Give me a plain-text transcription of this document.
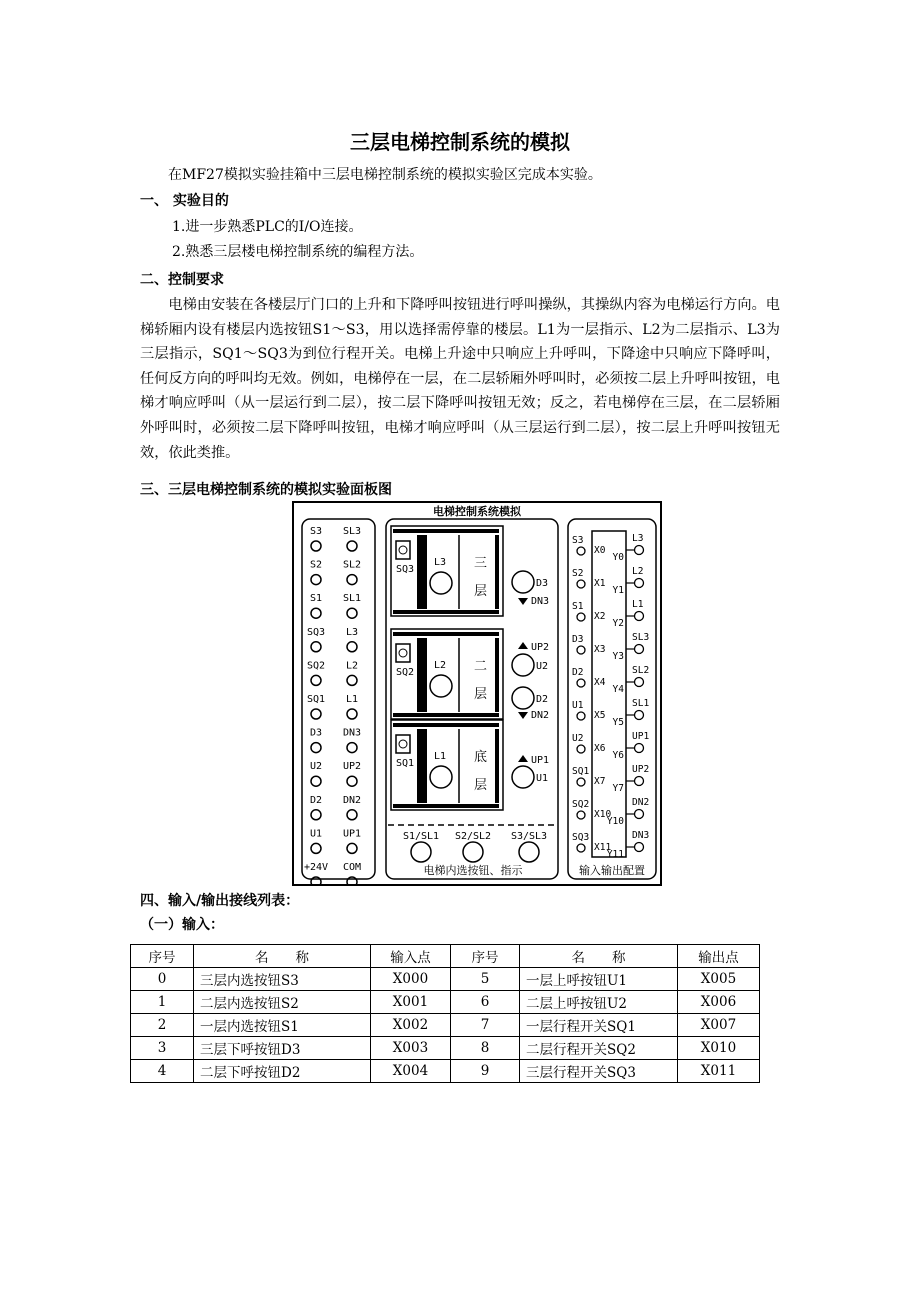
三层电梯控制系统的模拟
在MF27模拟实验挂箱中三层电梯控制系统的模拟实验区完成本实验。
一、 实验目的
1.进一步熟悉PLC的I/O连接。
2.熟悉三层楼电梯控制系统的编程方法。
二、控制要求
电梯由安装在各楼层厅门口的上升和下降呼叫按钮进行呼叫操纵，其操纵内容为电梯运行方向。电梯轿厢内设有楼层内选按钮S1～S3，用以选择需停靠的楼层。L1为一层指示、L2为二层指示、L3为三层指示，SQ1～SQ3为到位行程开关。电梯上升途中只响应上升呼叫，下降途中只响应下降呼叫，任何反方向的呼叫均无效。例如，电梯停在一层，在二层轿厢外呼叫时，必须按二层上升呼叫按钮，电梯才响应呼叫（从一层运行到二层），按二层下降呼叫按钮无效；反之，若电梯停在三层，在二层轿厢外呼叫时，必须按二层下降呼叫按钮，电梯才响应呼叫（从三层运行到二层），按二层上升呼叫按钮无效，依此类推。
三、三层电梯控制系统的模拟实验面板图
电梯控制系统模拟
S3 SL3
S2 SL2
S1 SL1
SQ3 L3
SQ2 L2
SQ1 L1
D3 DN3
U2 UP2
D2 DN2
U1 UP1
+24V COM
SQ3
L3 三
层
SQ2
L2 二
层
SQ1
L1 底
层
D3
DN3
UP2
U2
D2
DN2
UP1
U1
S1/SL1 S2/SL2 S3/SL3
电梯内选按钮、指示
S3
X0
Y0
L3
S2
X1
Y1
L2
S1
X2
Y2
L1
D3
X3
Y3
SL3
D2
X4
Y4
SL2
U1
X5
Y5
SL1
U2
X6
Y6
UP1
SQ1
X7
Y7
UP2
SQ2
X10
Y10
DN2
SQ3
X11
Y11
DN3
输入输出配置
四、输入/输出接线列表：
（一）输入：
序号	名　　称	输入点	序号	名　　称	输出点
0	三层内选按钮S3	X000	5	一层上呼按钮U1	X005
1	二层内选按钮S2	X001	6	二层上呼按钮U2	X006
2	一层内选按钮S1	X002	7	一层行程开关SQ1	X007
3	三层下呼按钮D3	X003	8	二层行程开关SQ2	X010
4	二层下呼按钮D2	X004	9	三层行程开关SQ3	X011
